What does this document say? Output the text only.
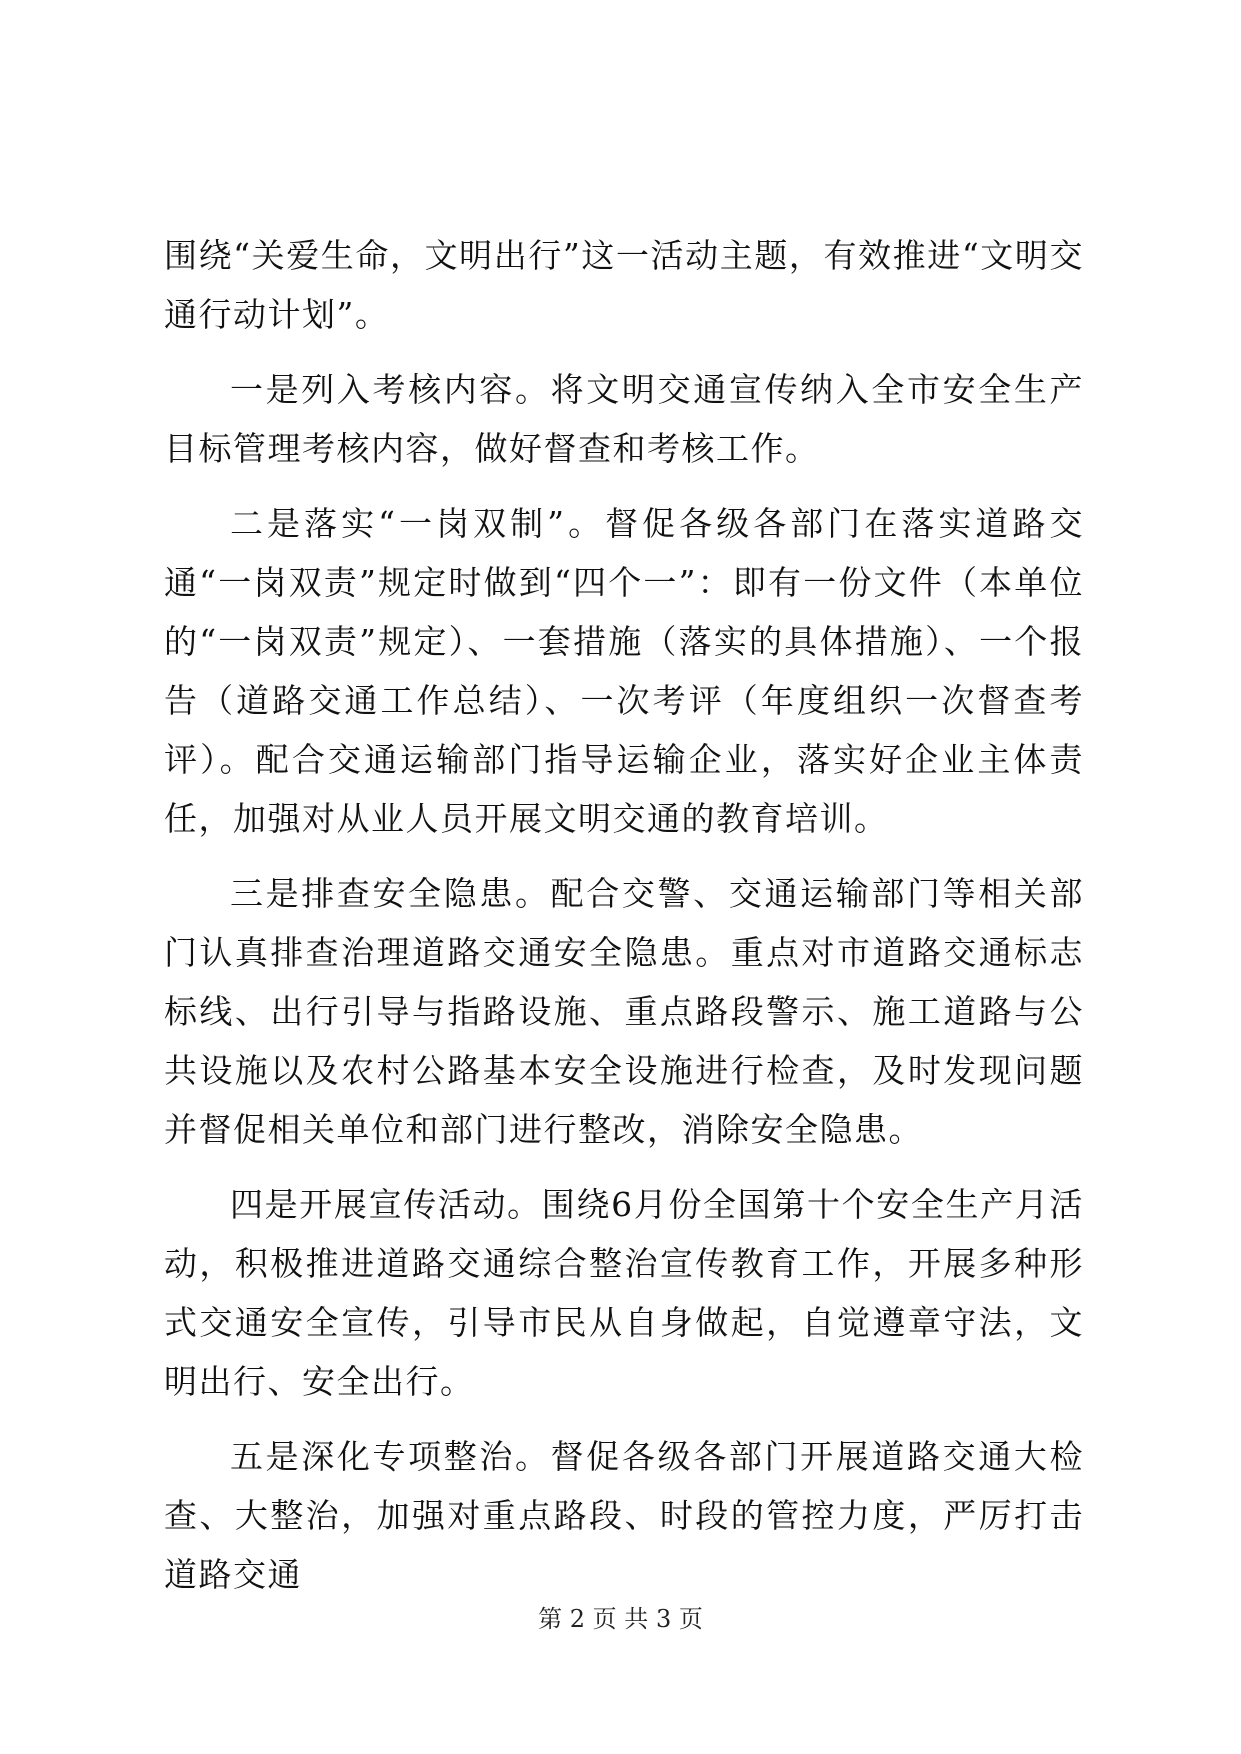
围绕“关爱生命，文明出行”这一活动主题，有效推进“文明交通行动计划”。

一是列入考核内容。将文明交通宣传纳入全市安全生产目标管理考核内容，做好督查和考核工作。

二是落实“一岗双制”。督促各级各部门在落实道路交通“一岗双责”规定时做到“四个一”：即有一份文件（本单位的“一岗双责”规定）、一套措施（落实的具体措施）、一个报告（道路交通工作总结）、一次考评（年度组织一次督查考评）。配合交通运输部门指导运输企业，落实好企业主体责任，加强对从业人员开展文明交通的教育培训。

三是排查安全隐患。配合交警、交通运输部门等相关部门认真排查治理道路交通安全隐患。重点对市道路交通标志标线、出行引导与指路设施、重点路段警示、施工道路与公共设施以及农村公路基本安全设施进行检查，及时发现问题并督促相关单位和部门进行整改，消除安全隐患。

四是开展宣传活动。围绕6月份全国第十个安全生产月活动，积极推进道路交通综合整治宣传教育工作，开展多种形式交通安全宣传，引导市民从自身做起，自觉遵章守法，文明出行、安全出行。

五是深化专项整治。督促各级各部门开展道路交通大检查、大整治，加强对重点路段、时段的管控力度，严厉打击道路交通

第 2 页 共 3 页
